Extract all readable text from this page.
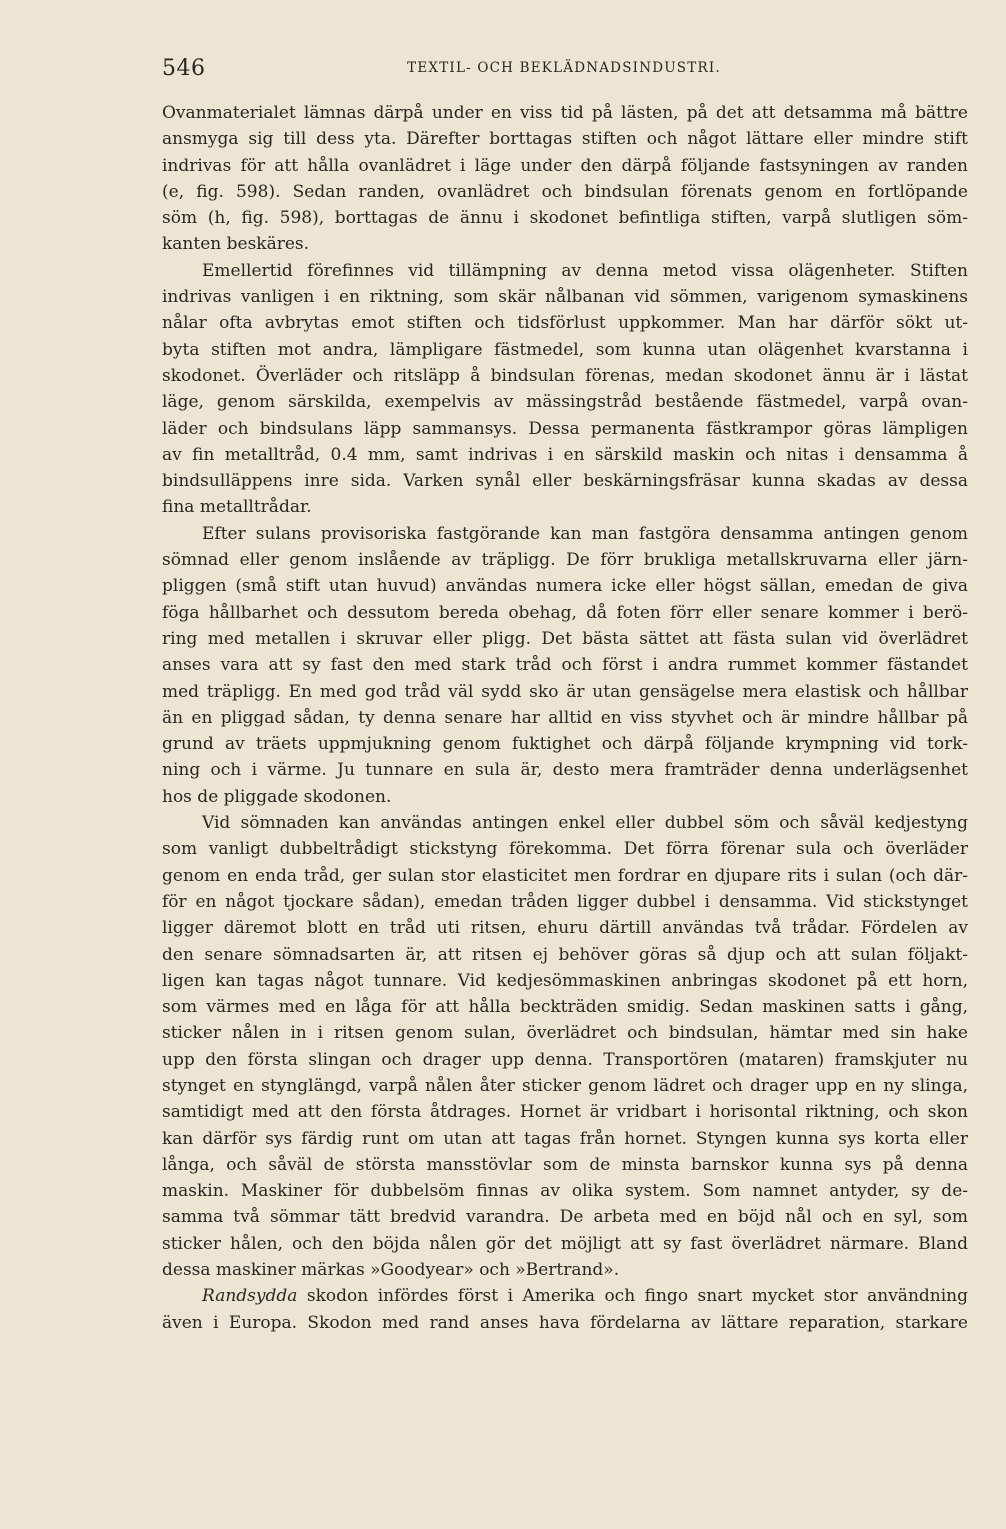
546	TEXTIL- OCH BEKLÄDNADSINDUSTRI.
Ovanmaterialet lämnas därpå under en viss tid på lästen, på det att detsamma må bättre
ansmyga sig till dess yta. Därefter borttagas stiften och något lättare eller mindre stift
indrivas för att hålla ovanlädret i läge under den därpå följande fastsyningen av randen
(e, fig. 598). Sedan randen, ovanlädret och bindsulan förenats genom en fortlöpande
söm (h, fig. 598), borttagas de ännu i skodonet befintliga stiften, varpå slutligen söm-
kanten beskäres.
Emellertid förefinnes vid tillämpning av denna metod vissa olägenheter. Stiften
indrivas vanligen i en riktning, som skär nålbanan vid sömmen, varigenom symaskinens
nålar ofta avbrytas emot stiften och tidsförlust uppkommer. Man har därför sökt ut-
byta stiften mot andra, lämpligare fästmedel, som kunna utan olägenhet kvarstanna i
skodonet. Överläder och ritsläpp å bindsulan förenas, medan skodonet ännu är i lästat
läge, genom särskilda, exempelvis av mässingstråd bestående fästmedel, varpå ovan-
läder och bindsulans läpp sammansys. Dessa permanenta fästkrampor göras lämpligen
av fin metalltråd, 0.4 mm, samt indrivas i en särskild maskin och nitas i densamma å
bindsulläppens inre sida. Varken synål eller beskärningsfräsar kunna skadas av dessa
fina metalltrådar.
Efter sulans provisoriska fastgörande kan man fastgöra densamma antingen genom
sömnad eller genom inslående av träpligg. De förr brukliga metallskruvarna eller järn-
pliggen (små stift utan huvud) användas numera icke eller högst sällan, emedan de giva
föga hållbarhet och dessutom bereda obehag, då foten förr eller senare kommer i berö-
ring med metallen i skruvar eller pligg. Det bästa sättet att fästa sulan vid överlädret
anses vara att sy fast den med stark tråd och först i andra rummet kommer fästandet
med träpligg. En med god tråd väl sydd sko är utan gensägelse mera elastisk och hållbar
än en pliggad sådan, ty denna senare har alltid en viss styvhet och är mindre hållbar på
grund av träets uppmjukning genom fuktighet och därpå följande krympning vid tork-
ning och i värme. Ju tunnare en sula är, desto mera framträder denna underlägsenhet
hos de pliggade skodonen.
Vid sömnaden kan användas antingen enkel eller dubbel söm och såväl kedjestyng
som vanligt dubbeltrådigt stickstyng förekomma. Det förra förenar sula och överläder
genom en enda tråd, ger sulan stor elasticitet men fordrar en djupare rits i sulan (och där-
för en något tjockare sådan), emedan tråden ligger dubbel i densamma. Vid stickstynget
ligger däremot blott en tråd uti ritsen, ehuru därtill användas två trådar. Fördelen av
den senare sömnadsarten är, att ritsen ej behöver göras så djup och att sulan följakt-
ligen kan tagas något tunnare. Vid kedjesömmaskinen anbringas skodonet på ett horn,
som värmes med en låga för att hålla beckträden smidig. Sedan maskinen satts i gång,
sticker nålen in i ritsen genom sulan, överlädret och bindsulan, hämtar med sin hake
upp den första slingan och drager upp denna. Transportören (mataren) framskjuter nu
stynget en stynglängd, varpå nålen åter sticker genom lädret och drager upp en ny slinga,
samtidigt med att den första åtdrages. Hornet är vridbart i horisontal riktning, och skon
kan därför sys färdig runt om utan att tagas från hornet. Styngen kunna sys korta eller
långa, och såväl de största mansstövlar som de minsta barnskor kunna sys på denna
maskin. Maskiner för dubbelsöm finnas av olika system. Som namnet antyder, sy de-
samma två sömmar tätt bredvid varandra. De arbeta med en böjd nål och en syl, som
sticker hålen, och den böjda nålen gör det möjligt att sy fast överlädret närmare. Bland
dessa maskiner märkas »Goodyear» och »Bertrand».
Randsydda skodon infördes först i Amerika och fingo snart mycket stor användning
även i Europa. Skodon med rand anses hava fördelarna av lättare reparation, starkare
